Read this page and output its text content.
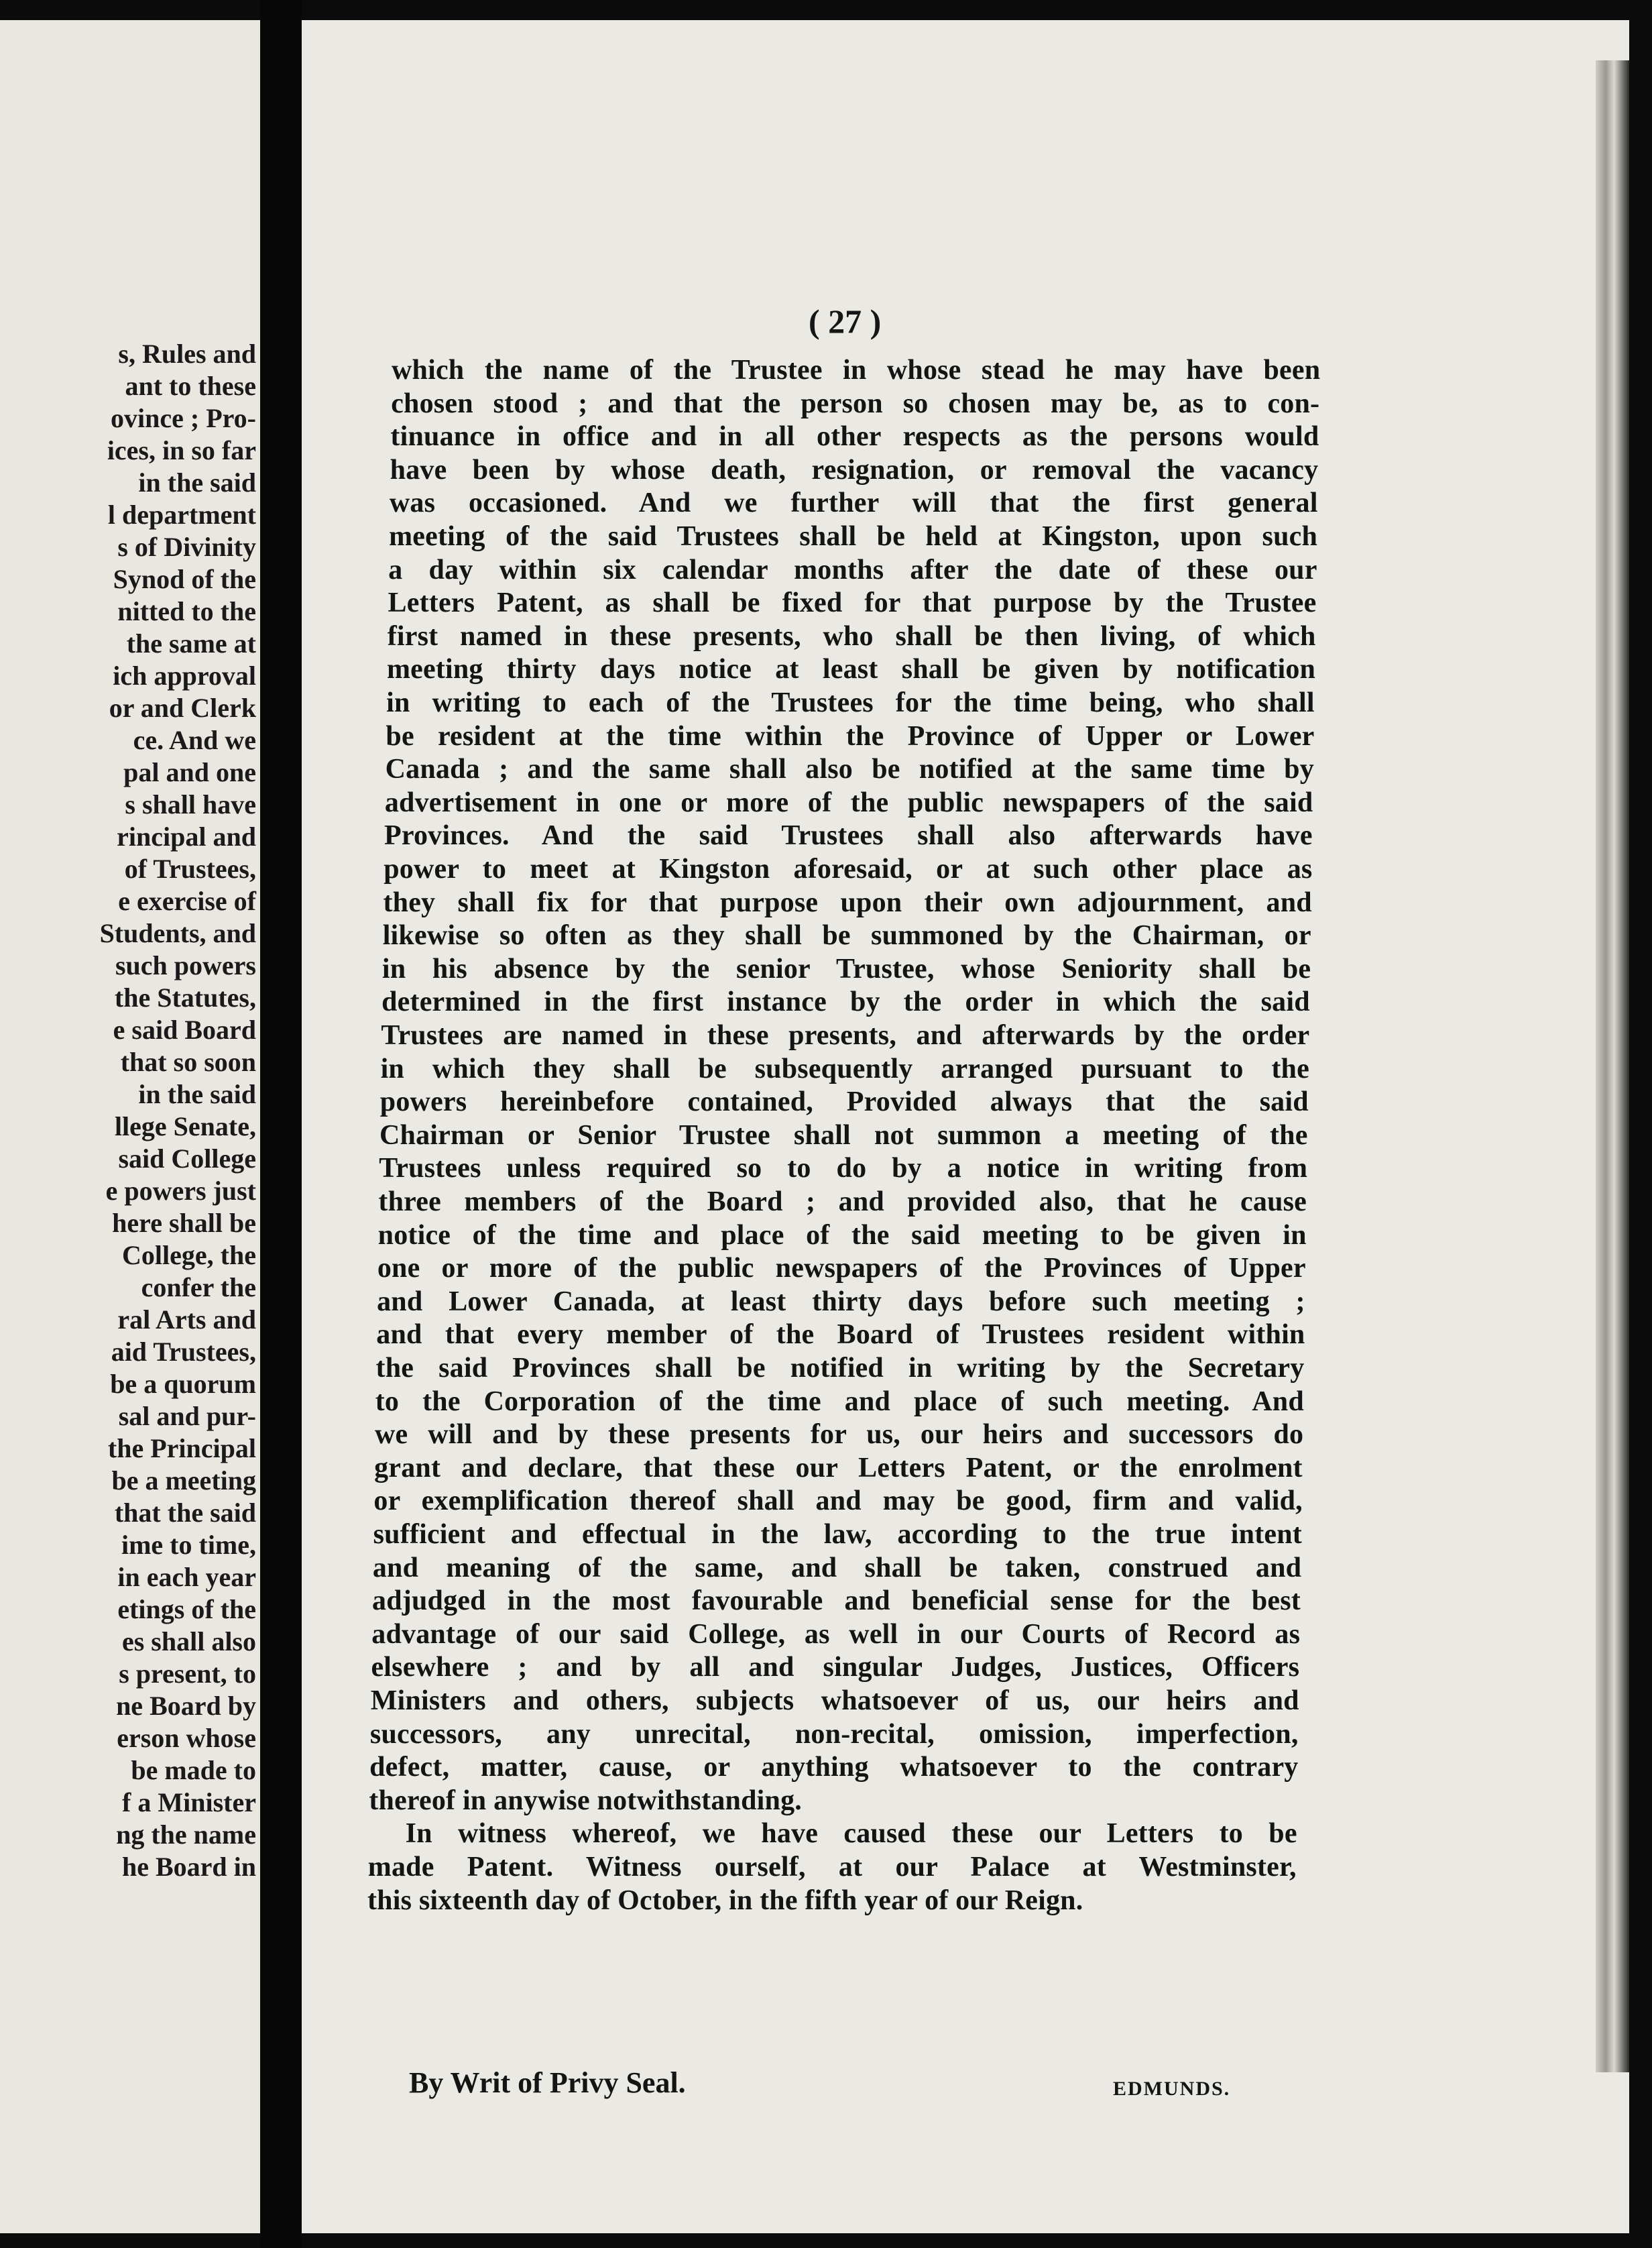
s, Rules and
ant to these
ovince ; Pro-
ices, in so far
in the said
l department
s of Divinity
Synod of the
nitted to the
the same at
ich approval
or and Clerk
ce. And we
pal and one
s shall have
rincipal and
of Trustees,
e exercise of
Students, and
such powers
the Statutes,
e said Board
that so soon
in the said
llege Senate,
said College
e powers just
here shall be
College, the
confer the
ral Arts and
aid Trustees,
be a quorum
sal and pur-
the Principal
be a meeting
that the said
ime to time,
in each year
etings of the
es shall also
s present, to
ne Board by
erson whose
be made to
f a Minister
ng the name
he Board in
( 27 )
which the name of the Trustee in whose stead he may have been
chosen stood ; and that the person so chosen may be, as to con-
tinuance in office and in all other respects as the persons would
have been by whose death, resignation, or removal the vacancy
was occasioned. And we further will that the first general
meeting of the said Trustees shall be held at Kingston, upon such
a day within six calendar months after the date of these our
Letters Patent, as shall be fixed for that purpose by the Trustee
first named in these presents, who shall be then living, of which
meeting thirty days notice at least shall be given by notification
in writing to each of the Trustees for the time being, who shall
be resident at the time within the Province of Upper or Lower
Canada ; and the same shall also be notified at the same time by
advertisement in one or more of the public newspapers of the said
Provinces. And the said Trustees shall also afterwards have
power to meet at Kingston aforesaid, or at such other place as
they shall fix for that purpose upon their own adjournment, and
likewise so often as they shall be summoned by the Chairman, or
in his absence by the senior Trustee, whose Seniority shall be
determined in the first instance by the order in which the said
Trustees are named in these presents, and afterwards by the order
in which they shall be subsequently arranged pursuant to the
powers hereinbefore contained, Provided always that the said
Chairman or Senior Trustee shall not summon a meeting of the
Trustees unless required so to do by a notice in writing from
three members of the Board ; and provided also, that he cause
notice of the time and place of the said meeting to be given in
one or more of the public newspapers of the Provinces of Upper
and Lower Canada, at least thirty days before such meeting ;
and that every member of the Board of Trustees resident within
the said Provinces shall be notified in writing by the Secretary
to the Corporation of the time and place of such meeting. And
we will and by these presents for us, our heirs and successors do
grant and declare, that these our Letters Patent, or the enrolment
or exemplification thereof shall and may be good, firm and valid,
sufficient and effectual in the law, according to the true intent
and meaning of the same, and shall be taken, construed and
adjudged in the most favourable and beneficial sense for the best
advantage of our said College, as well in our Courts of Record as
elsewhere ; and by all and singular Judges, Justices, Officers
Ministers and others, subjects whatsoever of us, our heirs and
successors, any unrecital, non-recital, omission, imperfection,
defect, matter, cause, or anything whatsoever to the contrary
thereof in anywise notwithstanding.
In witness whereof, we have caused these our Letters to be
made Patent. Witness ourself, at our Palace at Westminster,
this sixteenth day of October, in the fifth year of our Reign.
By Writ of Privy Seal.	EDMUNDS.
